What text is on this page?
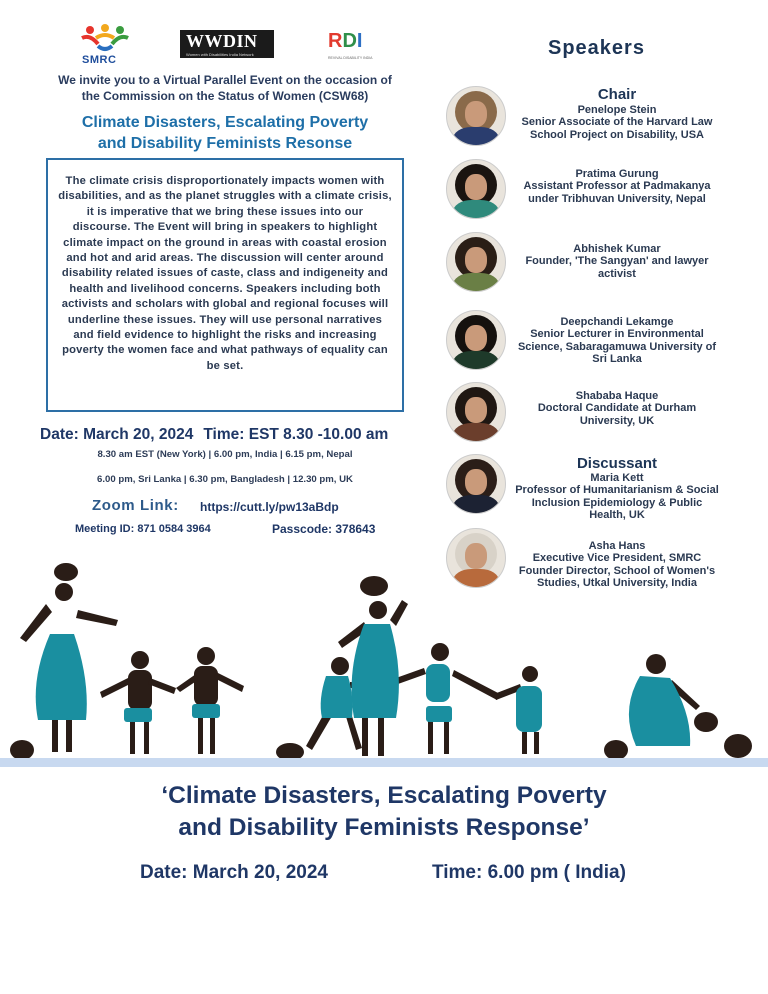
SMRC
WWDIN
Women with Disabilities India Network
RDI
REVIVAL DISABILITY INDIA
We invite you to a Virtual Parallel Event on the occasion of
the Commission on the Status of Women (CSW68)
Climate Disasters, Escalating Poverty
and Disability Feminists Resonse
The climate crisis disproportionately impacts women with disabilities, and as the planet struggles with a climate crisis, it is imperative that we bring these issues into our discourse. The Event will bring in speakers to highlight climate impact on the ground in areas with coastal erosion and hot and arid areas. The discussion will center around disability related issues of caste, class and indigeneity and health and livelihood concerns. Speakers including both activists and scholars with global and regional focuses will underline these issues. They will use personal narratives and field evidence to highlight the risks and increasing poverty the women face and what pathways of equality can be set.
Date: March 20, 2024 Time: EST 8.30 -10.00 am
8.30 am EST (New York) | 6.00 pm, India | 6.15 pm, Nepal
6.00 pm, Sri Lanka | 6.30 pm, Bangladesh | 12.30 pm, UK
Zoom Link: https://cutt.ly/pw13aBdp
Meeting ID: 871 0584 3964	Passcode: 378643
Speakers
Chair
Penelope Stein
Senior Associate of the Harvard Law School Project on Disability, USA
Pratima Gurung
Assistant Professor at Padmakanya under Tribhuvan University, Nepal
Abhishek Kumar
Founder, 'The Sangyan' and lawyer activist
Deepchandi Lekamge
Senior Lecturer in Environmental Science, Sabaragamuwa University of Sri Lanka
Shababa Haque
Doctoral Candidate at Durham University, UK
Maria Kett
Professor of Humanitarianism & Social Inclusion Epidemiology & Public Health, UK
Asha Hans
Executive Vice President, SMRC Founder Director, School of Women's Studies, Utkal University, India
Discussant
‘Climate Disasters, Escalating Poverty
and Disability Feminists Response’
Date: March 20, 2024	Time: 6.00 pm ( India)
